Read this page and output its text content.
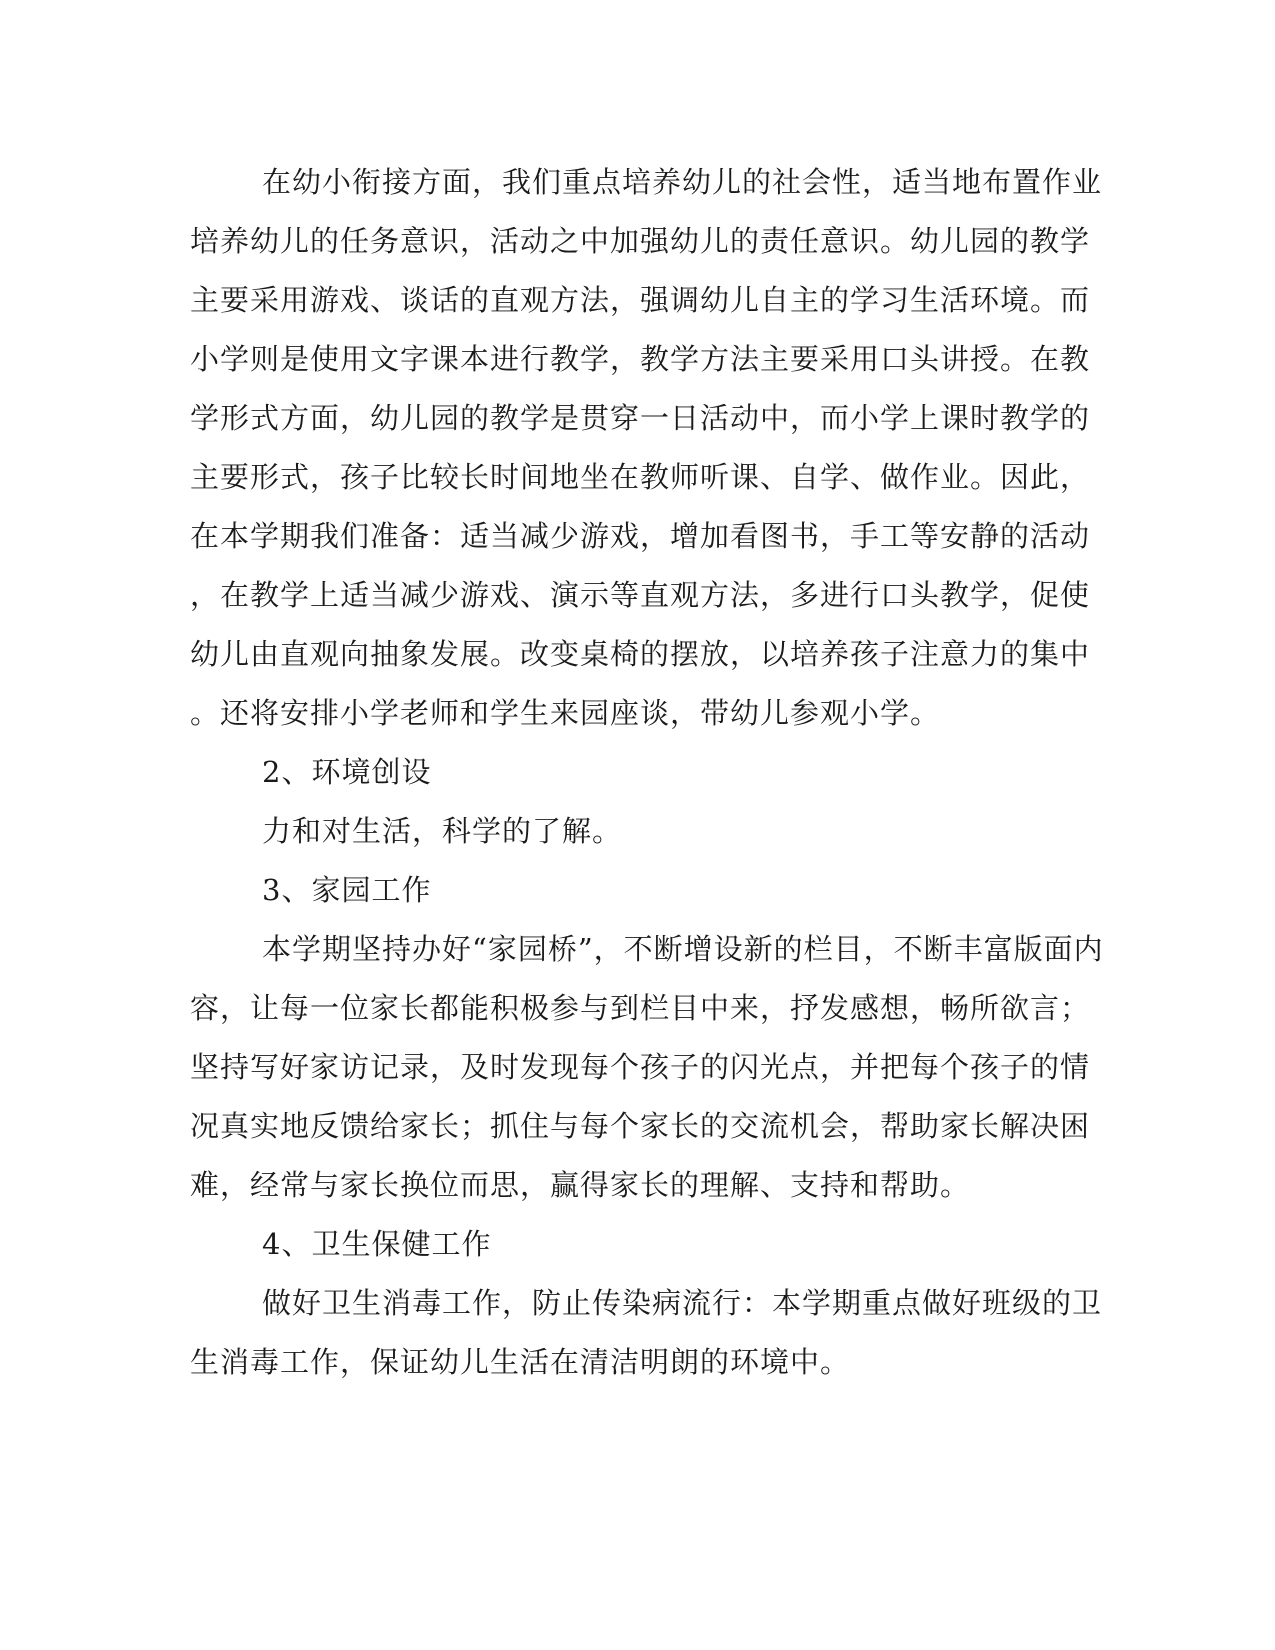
在幼小衔接方面，我们重点培养幼儿的社会性，适当地布置作业
培养幼儿的任务意识，活动之中加强幼儿的责任意识。幼儿园的教学
主要采用游戏、谈话的直观方法，强调幼儿自主的学习生活环境。而
小学则是使用文字课本进行教学，教学方法主要采用口头讲授。在教
学形式方面，幼儿园的教学是贯穿一日活动中，而小学上课时教学的
主要形式，孩子比较长时间地坐在教师听课、自学、做作业。因此，
在本学期我们准备：适当减少游戏，增加看图书，手工等安静的活动
，在教学上适当减少游戏、演示等直观方法，多进行口头教学，促使
幼儿由直观向抽象发展。改变桌椅的摆放，以培养孩子注意力的集中
。还将安排小学老师和学生来园座谈，带幼儿参观小学。
2、环境创设
力和对生活，科学的了解。
3、家园工作
本学期坚持办好“家园桥”，不断增设新的栏目，不断丰富版面内
容，让每一位家长都能积极参与到栏目中来，抒发感想，畅所欲言；
坚持写好家访记录，及时发现每个孩子的闪光点，并把每个孩子的情
况真实地反馈给家长；抓住与每个家长的交流机会，帮助家长解决困
难，经常与家长换位而思，赢得家长的理解、支持和帮助。
4、卫生保健工作
做好卫生消毒工作，防止传染病流行：本学期重点做好班级的卫
生消毒工作，保证幼儿生活在清洁明朗的环境中。
